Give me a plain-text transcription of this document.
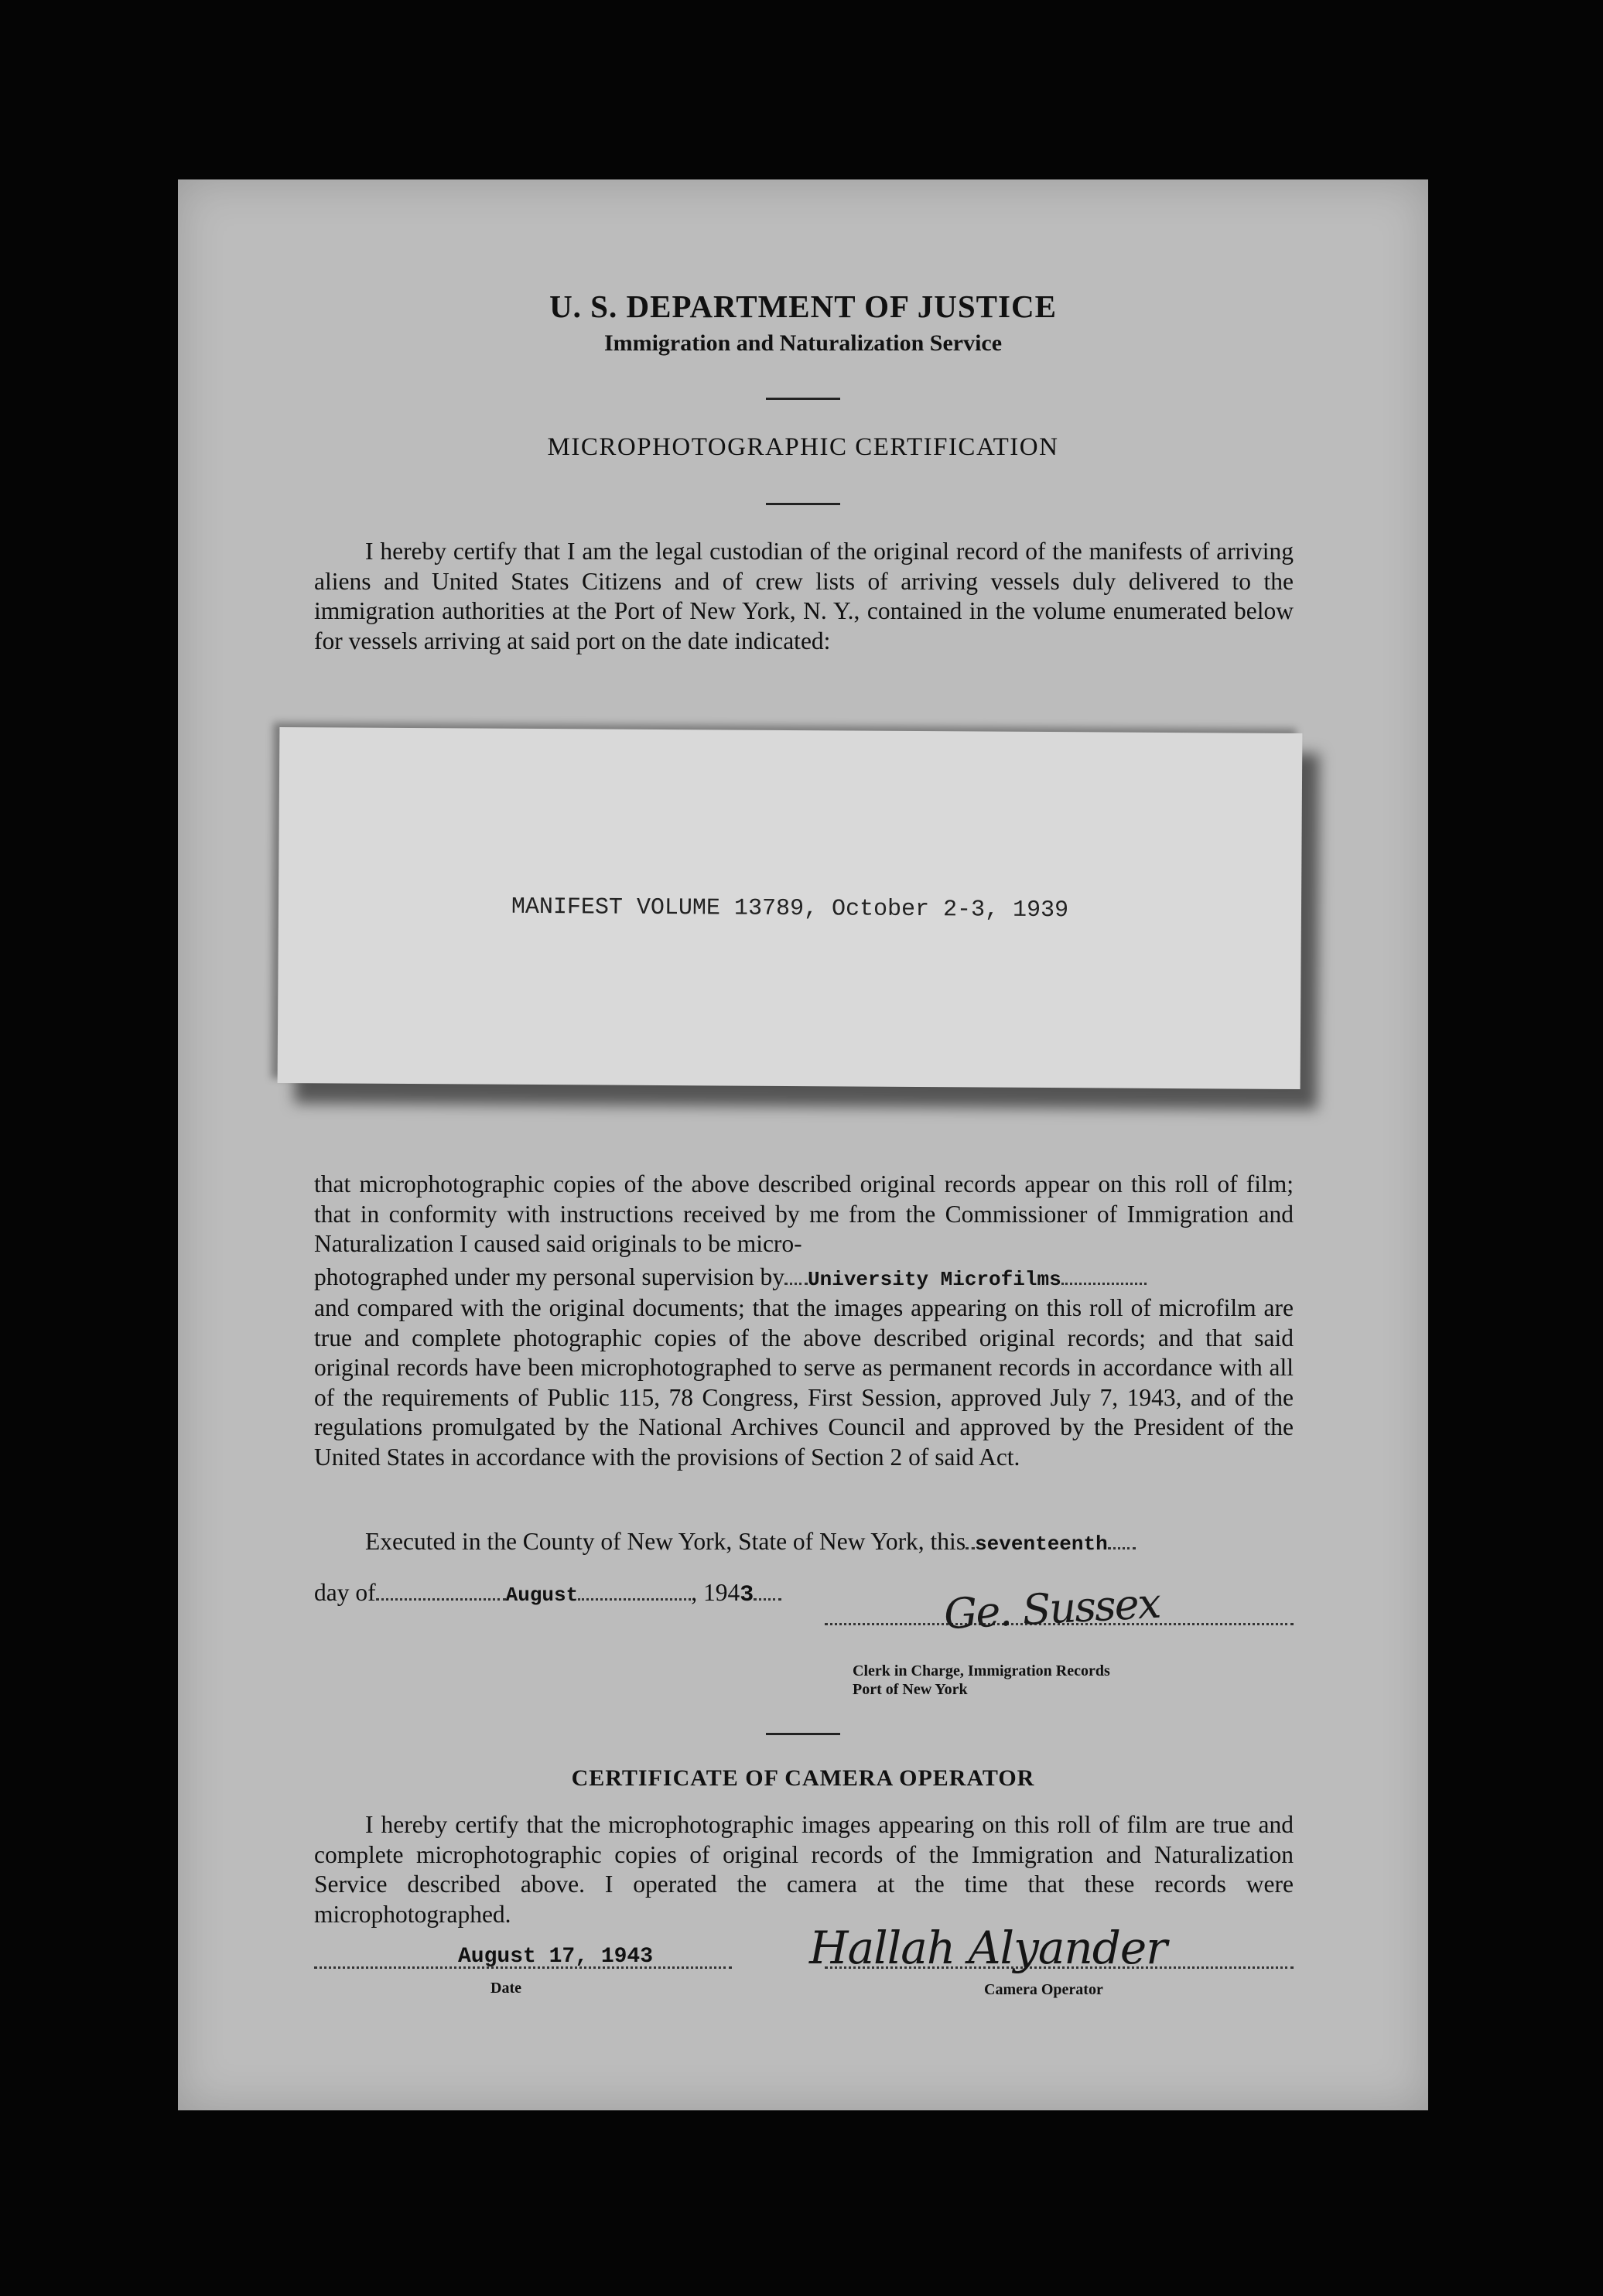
U. S. DEPARTMENT OF JUSTICE
Immigration and Naturalization Service
MICROPHOTOGRAPHIC CERTIFICATION

I hereby certify that I am the legal custodian of the original record of the manifests of arriving aliens and United States Citizens and of crew lists of arriving vessels duly delivered to the immigration authorities at the Port of New York, N. Y., contained in the volume enumerated below for vessels arriving at said port on the date indicated:

MANIFEST VOLUME 13789, October 2-3, 1939

that microphotographic copies of the above described original records appear on this roll of film; that in conformity with instructions received by me from the Commissioner of Immigration and Naturalization I caused said originals to be micro-

photographed under my personal supervision by University Microfilms

and compared with the original documents; that the images appearing on this roll of microfilm are true and complete photographic copies of the above described original records; and that said original records have been microphotographed to serve as permanent records in accordance with all of the requirements of Public 115, 78 Congress, First Session, approved July 7, 1943, and of the regulations promulgated by the National Archives Council and approved by the President of the United States in accordance with the provisions of Section 2 of said Act.

Executed in the County of New York, State of New York, this seventeenth
day of	August	, 1943	Ge. Sussex
Clerk in Charge, Immigration Records
Port of New York
CERTIFICATE OF CAMERA OPERATOR

I hereby certify that the microphotographic images appearing on this roll of film are true and complete microphotographic copies of original records of the Immigration and Naturalization Service described above. I operated the camera at the time that these records were microphotographed.

August 17, 1943
Date
Hallah Alyander
Camera Operator
